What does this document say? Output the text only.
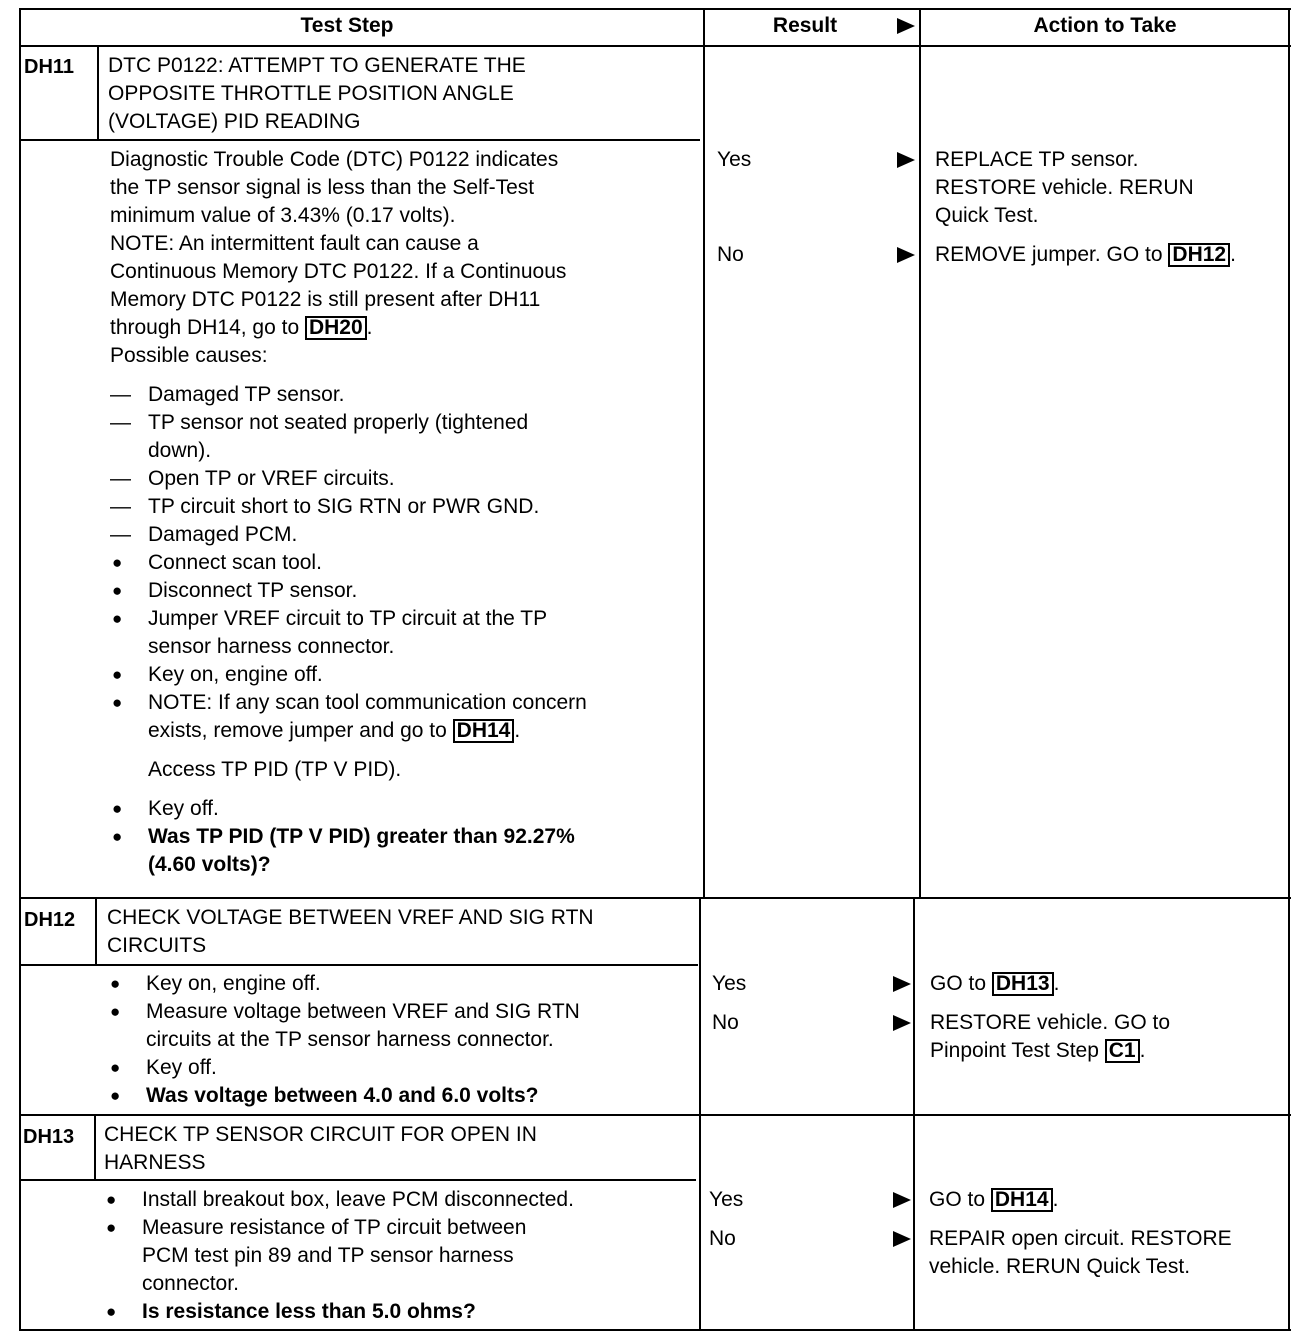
Test Step	Result	Action to Take
DH11 DTC P0122: ATTEMPT TO GENERATE THE
OPPOSITE THROTTLE POSITION ANGLE
(VOLTAGE) PID READING
Diagnostic Trouble Code (DTC) P0122 indicates
the TP sensor signal is less than the Self-Test
minimum value of 3.43% (0.17 volts).
NOTE: An intermittent fault can cause a
Continuous Memory DTC P0122. If a Continuous
Memory DTC P0122 is still present after DH11
through DH14, go to DH20 .
Possible causes:
— Damaged TP sensor.
— TP sensor not seated properly (tightened
down).
— Open TP or VREF circuits.
— TP circuit short to SIG RTN or PWR GND.
— Damaged PCM.
● Connect scan tool.
● Disconnect TP sensor.
● Jumper VREF circuit to TP circuit at the TP
sensor harness connector.
● Key on, engine off.
● NOTE: If any scan tool communication concern
exists, remove jumper and go to DH14 .
Access TP PID (TP V PID).
● Key off.
● Was TP PID (TP V PID) greater than 92.27%
(4.60 volts)?
Yes	REPLACE TP sensor.
RESTORE vehicle. RERUN
Quick Test.
No	REMOVE jumper. GO to DH12 .
DH12 CHECK VOLTAGE BETWEEN VREF AND SIG RTN
CIRCUITS
● Key on, engine off.
● Measure voltage between VREF and SIG RTN
circuits at the TP sensor harness connector.
● Key off.
● Was voltage between 4.0 and 6.0 volts?
Yes	GO to DH13 .
No	RESTORE vehicle. GO to
Pinpoint Test Step C1 .
DH13 CHECK TP SENSOR CIRCUIT FOR OPEN IN
HARNESS
● Install breakout box, leave PCM disconnected.
● Measure resistance of TP circuit between
PCM test pin 89 and TP sensor harness
connector.
● Is resistance less than 5.0 ohms?
Yes	GO to DH14 .
No	REPAIR open circuit. RESTORE
vehicle. RERUN Quick Test.
